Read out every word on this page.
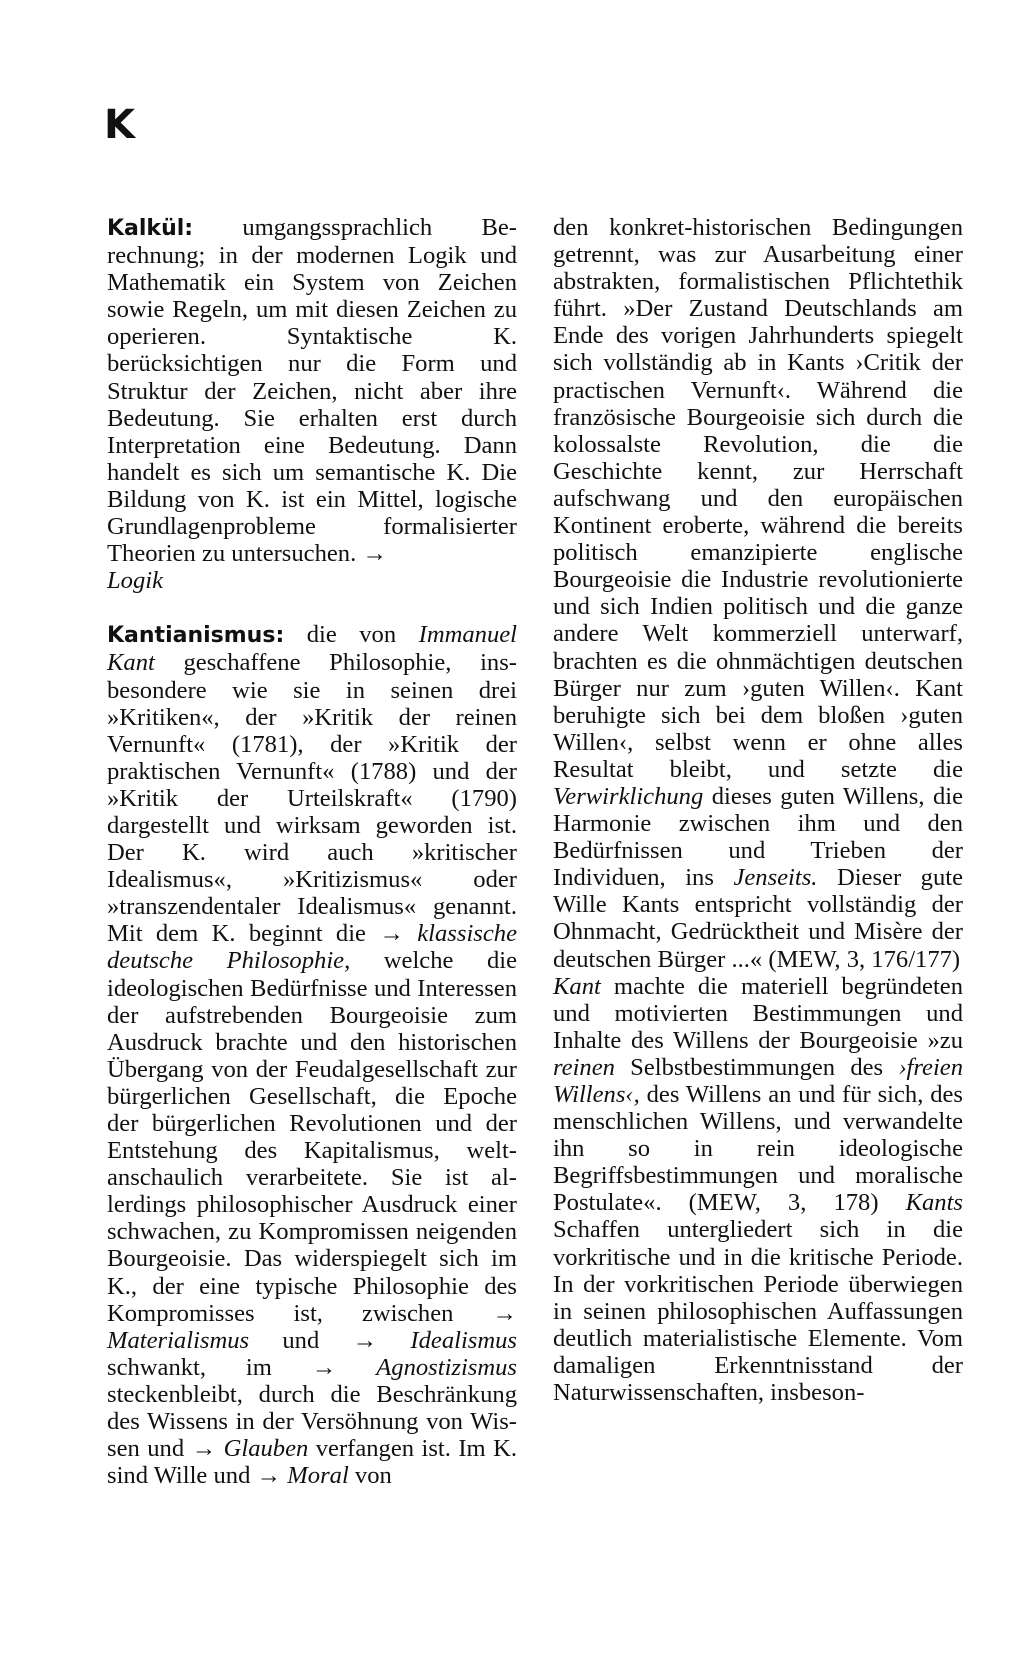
K

Kalkül: umgangssprachlich Berechnung; in der modernen Logik und Mathematik ein System von Zeichen sowie Regeln, um mit diesen Zeichen zu operieren. Syntaktische K. berücksichtigen nur die Form und Struktur der Zeichen, nicht aber ihre Bedeutung. Sie erhalten erst durch Interpretation eine Bedeutung. Dann handelt es sich um semantische K. Die Bildung von K. ist ein Mittel, logische Grundlagenprobleme formalisierter Theorien zu untersuchen. →
Logik

Kantianismus: die von Immanuel Kant geschaffene Philosophie, insbesondere wie sie in seinen drei »Kritiken«, der »Kritik der reinen Vernunft« (1781), der »Kritik der praktischen Vernunft« (1788) und der »Kritik der Urteilskraft« (1790) dargestellt und wirksam geworden ist. Der K. wird auch »kritischer Idealismus«, »Kritizismus« oder »transzendentaler Idealismus« genannt. Mit dem K. beginnt die → klassische deutsche Philosophie, welche die ideologischen Bedürfnisse und Interessen der aufstrebenden Bourgeoisie zum Ausdruck brachte und den historischen Übergang von der Feudalgesellschaft zur bürgerlichen Gesellschaft, die Epoche der bürgerlichen Revolutionen und der Entstehung des Kapitalismus, weltanschaulich verarbeitete. Sie ist allerdings philosophischer Ausdruck einer schwachen, zu Kompromissen neigenden Bourgeoisie. Das widerspiegelt sich im K., der eine typische Philosophie des Kompromisses ist, zwischen → Materialismus und → Idealismus schwankt, im → Agnostizismus steckenbleibt, durch die Beschränkung des Wissens in der Versöhnung von Wissen und → Glauben verfangen ist. Im K. sind Wille und → Moral von

den konkret-historischen Bedingungen getrennt, was zur Ausarbeitung einer abstrakten, formalistischen Pflichtethik führt. »Der Zustand Deutschlands am Ende des vorigen Jahrhunderts spiegelt sich vollständig ab in Kants ›Critik der practischen Vernunft‹. Während die französische Bourgeoisie sich durch die kolossalste Revolution, die die Geschichte kennt, zur Herrschaft aufschwang und den europäischen Kontinent eroberte, während die bereits politisch emanzipierte englische Bourgeoisie die Industrie revolutionierte und sich Indien politisch und die ganze andere Welt kommerziell unterwarf, brachten es die ohnmächtigen deutschen Bürger nur zum ›guten Willen‹. Kant beruhigte sich bei dem bloßen ›guten Willen‹, selbst wenn er ohne alles Resultat bleibt, und setzte die Verwirklichung dieses guten Willens, die Harmonie zwischen ihm und den Bedürfnissen und Trieben der Individuen, ins Jenseits. Dieser gute Wille Kants entspricht vollständig der Ohnmacht, Gedrücktheit und Misère der deutschen Bürger ...« (MEW, 3, 176/177)

Kant machte die materiell begründeten und motivierten Bestimmungen und Inhalte des Willens der Bourgeoisie »zu reinen Selbstbestimmungen des ›freien Willens‹, des Willens an und für sich, des menschlichen Willens, und verwandelte ihn so in rein ideologische Begriffsbestimmungen und moralische Postulate«. (MEW, 3, 178) Kants Schaffen untergliedert sich in die vorkritische und in die kritische Periode. In der vorkritischen Periode überwiegen in seinen philosophischen Auffassungen deutlich materialistische Elemente. Vom damaligen Erkenntnisstand der Naturwissenschaften, insbeson-
